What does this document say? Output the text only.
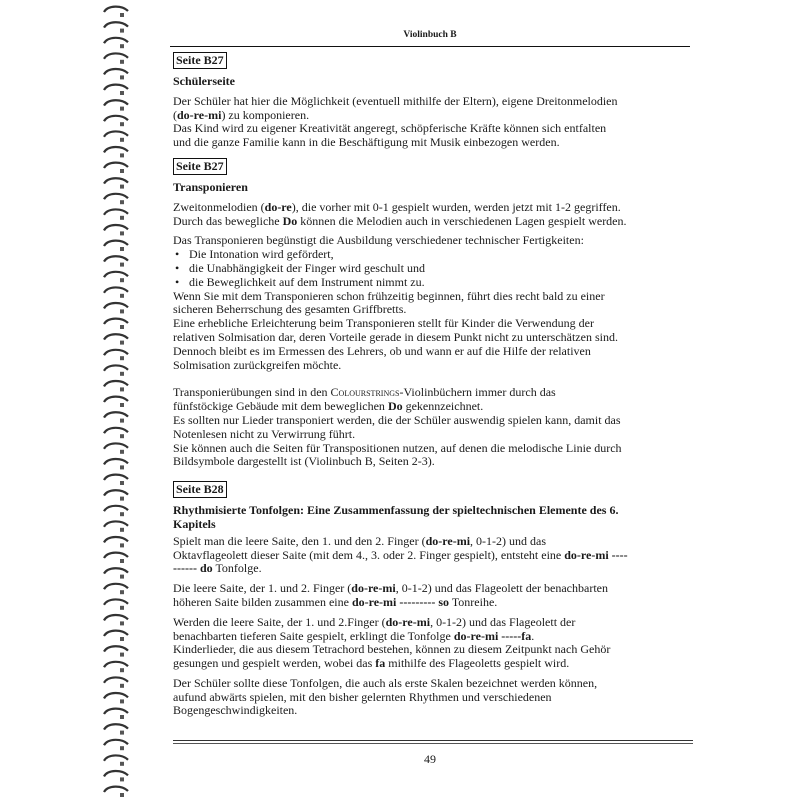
Violinbuch B
Seite B27
Schülerseite
Der Schüler hat hier die Möglichkeit (eventuell mithilfe der Eltern), eigene Dreitonmelodien
(do-re-mi) zu komponieren.
Das Kind wird zu eigener Kreativität angeregt, schöpferische Kräfte können sich entfalten
und die ganze Familie kann in die Beschäftigung mit Musik einbezogen werden.
Seite B27
Transponieren
Zweitonmelodien (do-re), die vorher mit 0-1 gespielt wurden, werden jetzt mit 1-2 gegriffen.
Durch das bewegliche Do können die Melodien auch in verschiedenen Lagen gespielt werden.
Das Transponieren begünstigt die Ausbildung verschiedener technischer Fertigkeiten:
• Die Intonation wird gefördert,
• die Unabhängigkeit der Finger wird geschult und
• die Beweglichkeit auf dem Instrument nimmt zu.
Wenn Sie mit dem Transponieren schon frühzeitig beginnen, führt dies recht bald zu einer
sicheren Beherrschung des gesamten Griffbretts.
Eine erhebliche Erleichterung beim Transponieren stellt für Kinder die Verwendung der
relativen Solmisation dar, deren Vorteile gerade in diesem Punkt nicht zu unterschätzen sind.
Dennoch bleibt es im Ermessen des Lehrers, ob und wann er auf die Hilfe der relativen
Solmisation zurückgreifen möchte.
Transponierübungen sind in den Colourstrings-Violinbüchern immer durch das
fünfstöckige Gebäude mit dem beweglichen Do gekennzeichnet.
Es sollten nur Lieder transponiert werden, die der Schüler auswendig spielen kann, damit das
Notenlesen nicht zu Verwirrung führt.
Sie können auch die Seiten für Transpositionen nutzen, auf denen die melodische Linie durch
Bildsymbole dargestellt ist (Violinbuch B, Seiten 2-3).
Seite B28
Rhythmisierte Tonfolgen: Eine Zusammenfassung der spieltechnischen Elemente des 6.
Kapitels
Spielt man die leere Saite, den 1. und den 2. Finger (do-re-mi, 0-1-2) und das
Oktavflageolett dieser Saite (mit dem 4., 3. oder 2. Finger gespielt), entsteht eine do-re-mi ----
------ do Tonfolge.
Die leere Saite, der 1. und 2. Finger (do-re-mi, 0-1-2) und das Flageolett der benachbarten
höheren Saite bilden zusammen eine do-re-mi --------- so Tonreihe.
Werden die leere Saite, der 1. und 2.Finger (do-re-mi, 0-1-2) und das Flageolett der
benachbarten tieferen Saite gespielt, erklingt die Tonfolge do-re-mi -----fa.
Kinderlieder, die aus diesem Tetrachord bestehen, können zu diesem Zeitpunkt nach Gehör
gesungen und gespielt werden, wobei das fa mithilfe des Flageoletts gespielt wird.
Der Schüler sollte diese Tonfolgen, die auch als erste Skalen bezeichnet werden können,
aufund abwärts spielen, mit den bisher gelernten Rhythmen und verschiedenen
Bogengeschwindigkeiten.
49
